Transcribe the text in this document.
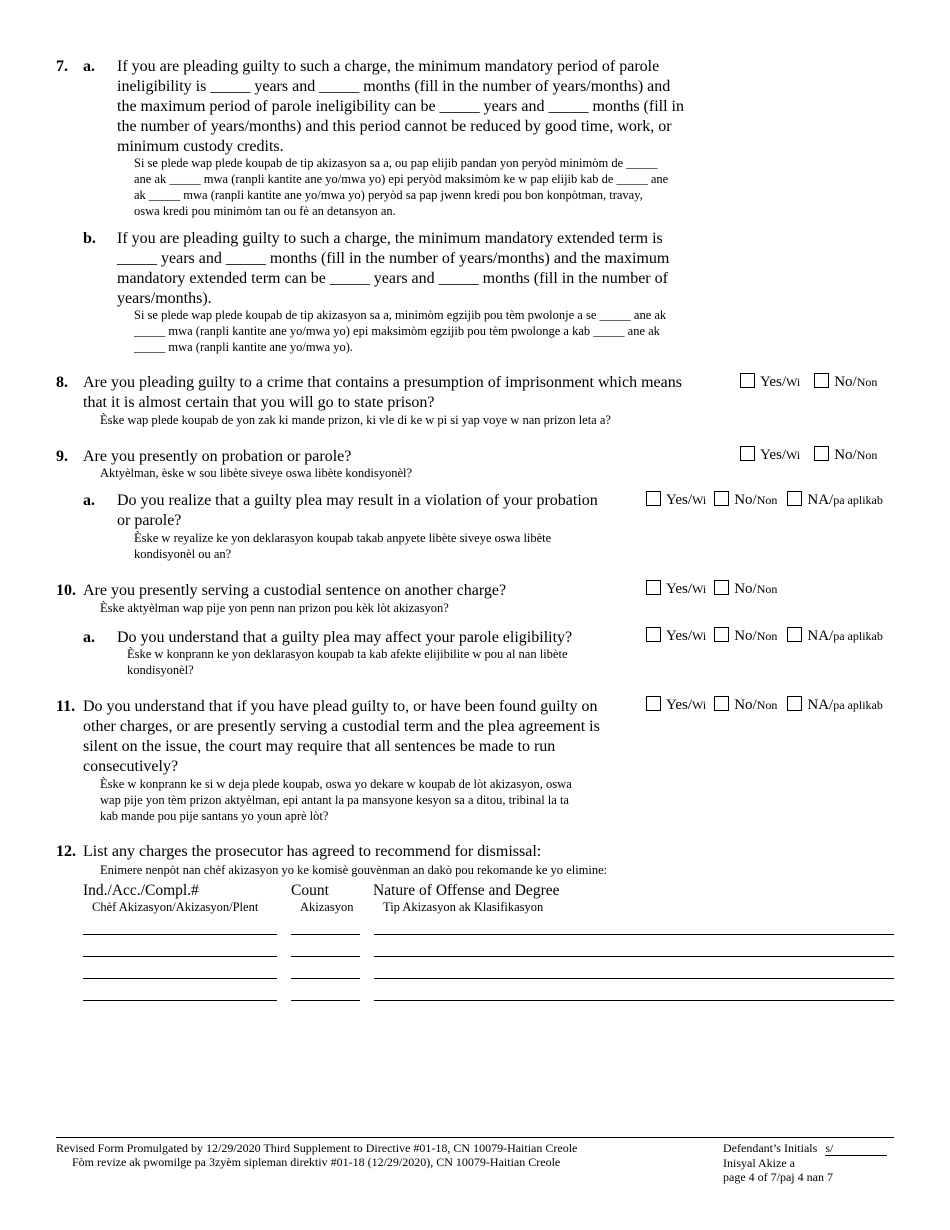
7. a. If you are pleading guilty to such a charge, the minimum mandatory period of parole
ineligibility is _____ years and _____ months (fill in the number of years/months) and
the maximum period of parole ineligibility can be _____ years and _____ months (fill in
the number of years/months) and this period cannot be reduced by good time, work, or
minimum custody credits.
Si se plede wap plede koupab de tip akizasyon sa a, ou pap elijib pandan yon peryòd minimòm de _____
ane ak _____ mwa (ranpli kantite ane yo/mwa yo) epi peryòd maksimòm ke w pap elijib kab de _____ ane
ak _____ mwa (ranpli kantite ane yo/mwa yo) peryòd sa pap jwenn kredi pou bon konpòtman, travay,
oswa kredi pou minimòm tan ou fè an detansyon an.
b. If you are pleading guilty to such a charge, the minimum mandatory extended term is
_____ years and _____ months (fill in the number of years/months) and the maximum
mandatory extended term can be _____ years and _____ months (fill in the number of
years/months).
Si se plede wap plede koupab de tip akizasyon sa a, minimòm egzijib pou tèm pwolonje a se _____ ane ak
_____ mwa (ranpli kantite ane yo/mwa yo) epi maksimòm egzijib pou tèm pwolonge a kab _____ ane ak
_____ mwa (ranpli kantite ane yo/mwa yo).
8. Are you pleading guilty to a crime that contains a presumption of imprisonment which means
that it is almost certain that you will go to state prison?
Èske wap plede koupab de yon zak ki mande prizon, ki vle di ke w pi si yap voye w nan prizon leta a?
Yes/Wi No/Non
9. Are you presently on probation or parole?
Aktyèlman, èske w sou libète siveye oswa libète kondisyonèl?
Yes/Wi No/Non
a. Do you realize that a guilty plea may result in a violation of your probation
or parole?
Èske w reyalize ke yon deklarasyon koupab takab anpyete libète siveye oswa libète
kondisyonèl ou an?
Yes/Wi No/Non NA/pa aplikab
10. Are you presently serving a custodial sentence on another charge?
Èske aktyèlman wap pije yon penn nan prizon pou kèk lòt akizasyon?
Yes/Wi No/Non
a. Do you understand that a guilty plea may affect your parole eligibility?
Èske w konprann ke yon deklarasyon koupab ta kab afekte elijibilite w pou al nan libète
kondisyonèl?
Yes/Wi No/Non NA/pa aplikab
11. Do you understand that if you have plead guilty to, or have been found guilty on
other charges, or are presently serving a custodial term and the plea agreement is
silent on the issue, the court may require that all sentences be made to run
consecutively?
Èske w konprann ke si w deja plede koupab, oswa yo dekare w koupab de lòt akizasyon, oswa
wap pije yon tèm prizon aktyèlman, epi antant la pa mansyone kesyon sa a ditou, tribinal la ta
kab mande pou pije santans yo youn aprè lòt?
Yes/Wi No/Non NA/pa aplikab
12. List any charges the prosecutor has agreed to recommend for dismissal:
Enimere nenpòt nan chèf akizasyon yo ke komisè gouvènman an dakò pou rekomande ke yo elimine:
Ind./Acc./Compl.#
Chèf Akizasyon/Akizasyon/Plent
Count
Akizasyon
Nature of Offense and Degree
Tip Akizasyon ak Klasifikasyon
Revised Form Promulgated by 12/29/2020 Third Supplement to Directive #01-18, CN 10079-Haitian Creole
Fòm revize ak pwomilge pa 3zyèm sipleman direktiv #01-18 (12/29/2020), CN 10079-Haitian Creole
Defendant’s Initials s/
Inisyal Akize a
page 4 of 7/paj 4 nan 7
